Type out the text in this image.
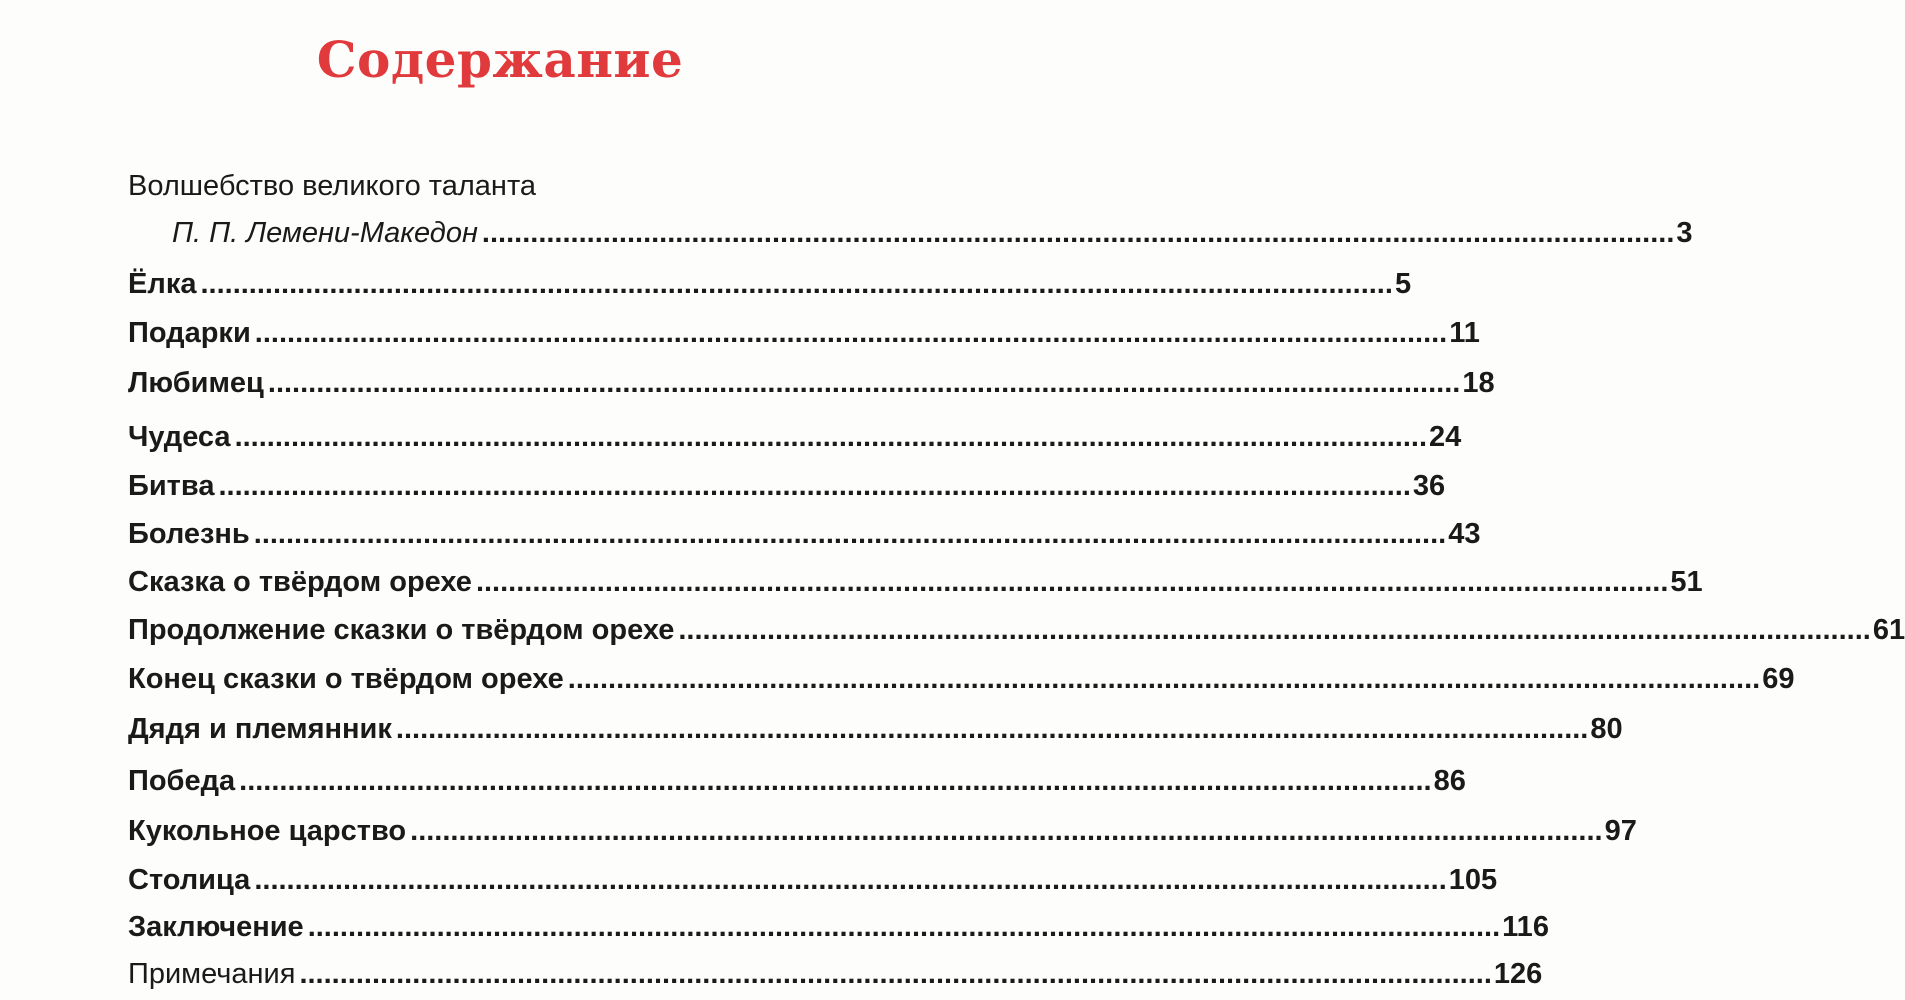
Содержание
Волшебство великого таланта
П. П. Лемени-Македон .................................................................................................................................................... 3
Ёлка .................................................................................................................................................... 5
Подарки .................................................................................................................................................... 11
Любимец .................................................................................................................................................... 18
Чудеса .................................................................................................................................................... 24
Битва .................................................................................................................................................... 36
Болезнь .................................................................................................................................................... 43
Сказка о твёрдом орехе .................................................................................................................................................... 51
Продолжение сказки о твёрдом орехе .................................................................................................................................................... 61
Конец сказки о твёрдом орехе .................................................................................................................................................... 69
Дядя и племянник .................................................................................................................................................... 80
Победа .................................................................................................................................................... 86
Кукольное царство .................................................................................................................................................... 97
Столица .................................................................................................................................................... 105
Заключение .................................................................................................................................................... 116
Примечания .................................................................................................................................................... 126
